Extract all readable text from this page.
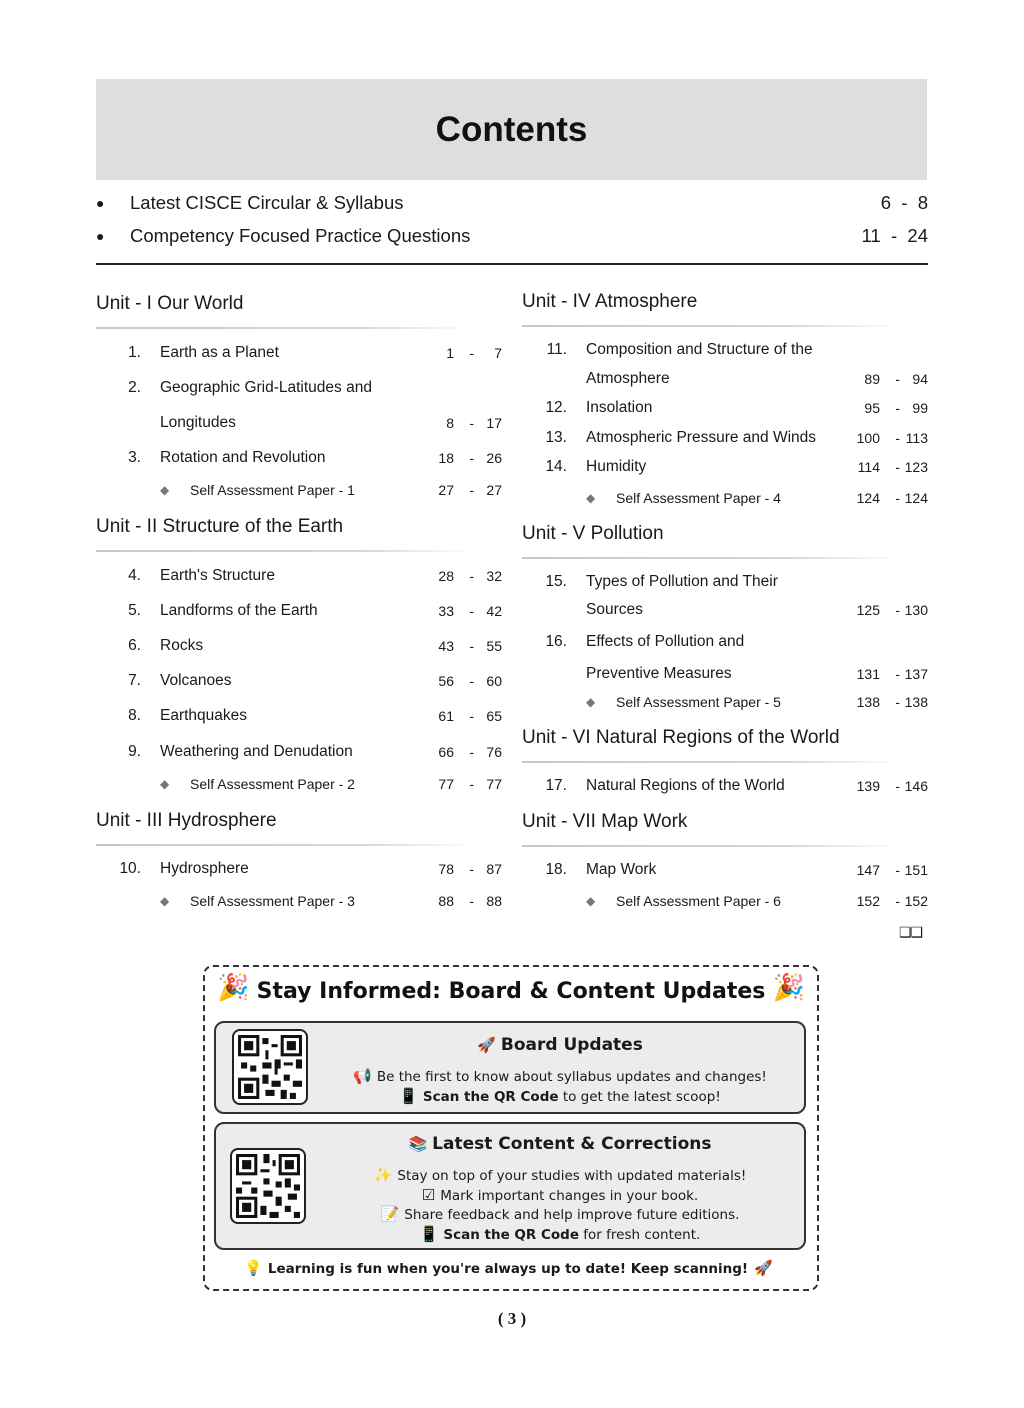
Contents
●	Latest CISCE Circular & Syllabus	6  -  8
●	Competency Focused Practice Questions	11  -  24
Unit - I Our World
1. Earth as a Planet	1 - 7
2. Geographic Grid-Latitudes and
Longitudes	8 - 17
3. Rotation and Revolution	18 - 26
◆ Self Assessment Paper - 1	27 - 27
Unit - II Structure of the Earth
4. Earth's Structure	28 - 32
5. Landforms of the Earth	33 - 42
6. Rocks	43 - 55
7. Volcanoes	56 - 60
8. Earthquakes	61 - 65
9. Weathering and Denudation	66 - 76
◆ Self Assessment Paper - 2	77 - 77
Unit - III Hydrosphere
10. Hydrosphere	78 - 87
◆ Self Assessment Paper - 3	88 - 88
Unit - IV Atmosphere
11. Composition and Structure of the
Atmosphere	89 - 94
12. Insolation	95 - 99
13. Atmospheric Pressure and Winds	100 - 113
14. Humidity	114 - 123
◆ Self Assessment Paper - 4	124 - 124
Unit - V Pollution
15. Types of Pollution and Their
Sources	125 - 130
16. Effects of Pollution and
Preventive Measures	131 - 137
◆ Self Assessment Paper - 5	138 - 138
Unit - VI Natural Regions of the World
17. Natural Regions of the World	139 - 146
Unit - VII Map Work
18. Map Work	147 - 151
◆ Self Assessment Paper - 6	152 - 152
❑❑
🎉 Stay Informed: Board & Content Updates 🎉
🚀 Board Updates
📢 Be the first to know about syllabus updates and changes!
📱 Scan the QR Code to get the latest scoop!
📚 Latest Content & Corrections
✨ Stay on top of your studies with updated materials!
☑ Mark important changes in your book.
📝 Share feedback and help improve future editions.
📱 Scan the QR Code for fresh content.
💡 Learning is fun when you're always up to date! Keep scanning! 🚀
( 3 )
